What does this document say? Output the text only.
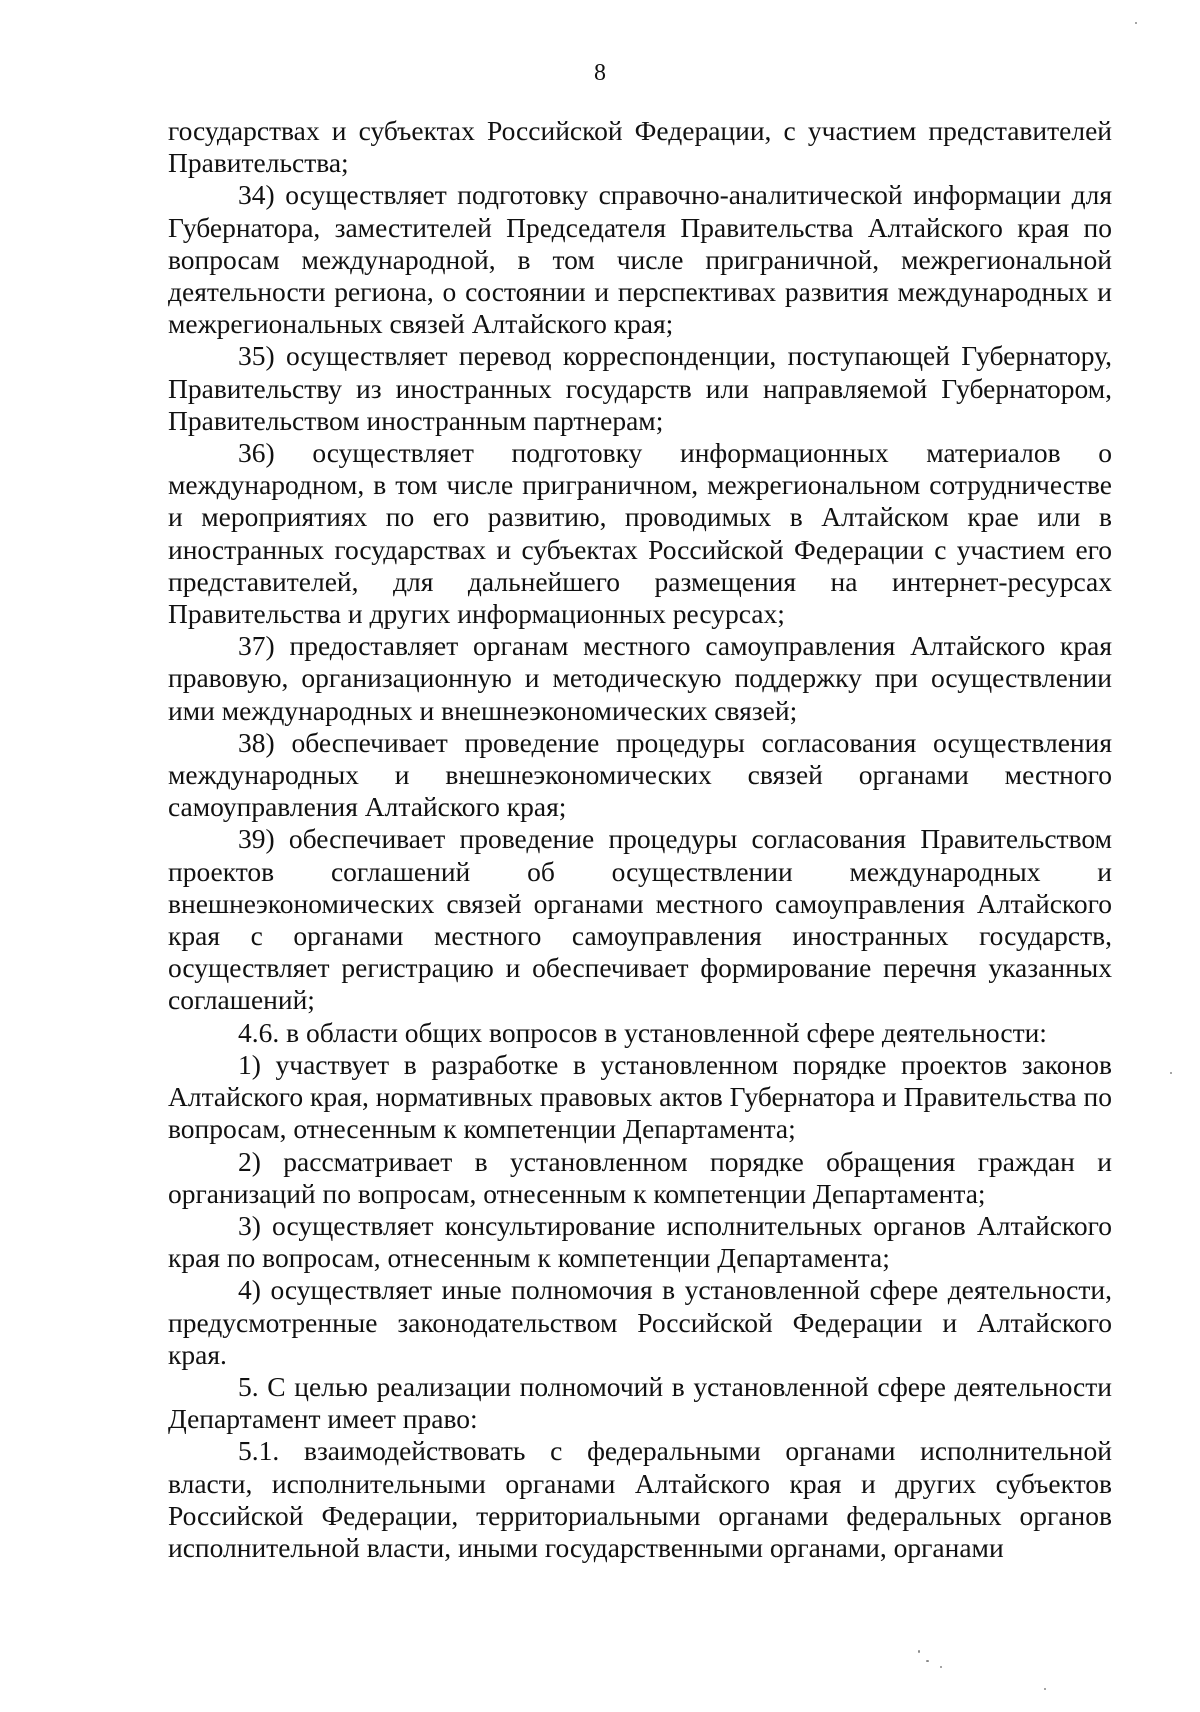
8

государствах и субъектах Российской Федерации, с участием представителей Правительства;

34) осуществляет подготовку справочно-аналитической информации для Губернатора, заместителей Председателя Правительства Алтайского края по вопросам международной, в том числе приграничной, межрегиональной деятельности региона, о состоянии и перспективах развития международных и межрегиональных связей Алтайского края;

35) осуществляет перевод корреспонденции, поступающей Губернатору, Правительству из иностранных государств или направляемой Губернатором, Правительством иностранным партнерам;

36) осуществляет подготовку информационных материалов о международном, в том числе приграничном, межрегиональном сотрудничестве и мероприятиях по его развитию, проводимых в Алтайском крае или в иностранных государствах и субъектах Российской Федерации с участием его представителей, для дальнейшего размещения на интернет-ресурсах Правительства и других информационных ресурсах;

37) предоставляет органам местного самоуправления Алтайского края правовую, организационную и методическую поддержку при осуществлении ими международных и внешнеэкономических связей;

38) обеспечивает проведение процедуры согласования осуществления международных и внешнеэкономических связей органами местного самоуправления Алтайского края;

39) обеспечивает проведение процедуры согласования Правительством проектов соглашений об осуществлении международных и внешнеэкономических связей органами местного самоуправления Алтайского края с органами местного самоуправления иностранных государств, осуществляет регистрацию и обеспечивает формирование перечня указанных соглашений;

4.6. в области общих вопросов в установленной сфере деятельности:

1) участвует в разработке в установленном порядке проектов законов Алтайского края, нормативных правовых актов Губернатора и Правительства по вопросам, отнесенным к компетенции Департамента;

2) рассматривает в установленном порядке обращения граждан и организаций по вопросам, отнесенным к компетенции Департамента;

3) осуществляет консультирование исполнительных органов Алтайского края по вопросам, отнесенным к компетенции Департамента;

4) осуществляет иные полномочия в установленной сфере деятельности, предусмотренные законодательством Российской Федерации и Алтайского края.

5. С целью реализации полномочий в установленной сфере деятельности Департамент имеет право:

5.1. взаимодействовать с федеральными органами исполнительной власти, исполнительными органами Алтайского края и других субъектов Российской Федерации, территориальными органами федеральных органов исполнительной власти, иными государственными органами, органами
